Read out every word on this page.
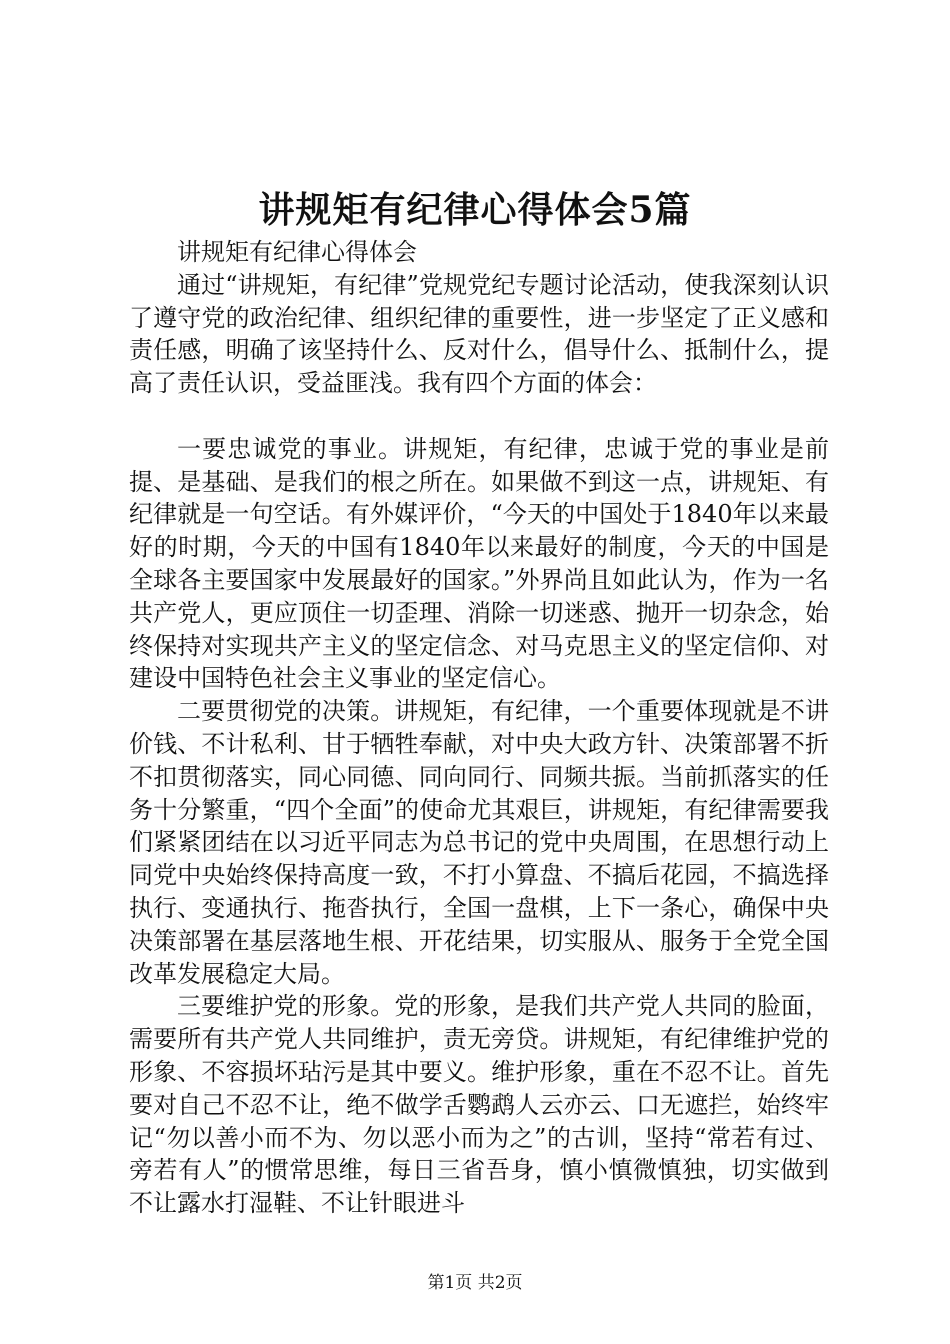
讲规矩有纪律心得体会5篇

讲规矩有纪律心得体会

通过“讲规矩，有纪律”党规党纪专题讨论活动，使我深刻认识了遵守党的政治纪律、组织纪律的重要性，进一步坚定了正义感和责任感，明确了该坚持什么、反对什么，倡导什么、抵制什么，提高了责任认识，受益匪浅。我有四个方面的体会：

一要忠诚党的事业。讲规矩，有纪律，忠诚于党的事业是前提、是基础、是我们的根之所在。如果做不到这一点，讲规矩、有纪律就是一句空话。有外媒评价，“今天的中国处于1840年以来最好的时期，今天的中国有1840年以来最好的制度，今天的中国是全球各主要国家中发展最好的国家。”外界尚且如此认为，作为一名共产党人，更应顶住一切歪理、消除一切迷惑、抛开一切杂念，始终保持对实现共产主义的坚定信念、对马克思主义的坚定信仰、对建设中国特色社会主义事业的坚定信心。

二要贯彻党的决策。讲规矩，有纪律，一个重要体现就是不讲价钱、不计私利、甘于牺牲奉献，对中央大政方针、决策部署不折不扣贯彻落实，同心同德、同向同行、同频共振。当前抓落实的任务十分繁重，“四个全面”的使命尤其艰巨，讲规矩，有纪律需要我们紧紧团结在以习近平同志为总书记的党中央周围，在思想行动上同党中央始终保持高度一致，不打小算盘、不搞后花园，不搞选择执行、变通执行、拖沓执行，全国一盘棋，上下一条心，确保中央决策部署在基层落地生根、开花结果，切实服从、服务于全党全国改革发展稳定大局。

三要维护党的形象。党的形象，是我们共产党人共同的脸面，需要所有共产党人共同维护，责无旁贷。讲规矩，有纪律维护党的形象、不容损坏玷污是其中要义。维护形象，重在不忍不让。首先要对自己不忍不让，绝不做学舌鹦鹉人云亦云、口无遮拦，始终牢记“勿以善小而不为、勿以恶小而为之”的古训，坚持“常若有过、旁若有人”的惯常思维，每日三省吾身，慎小慎微慎独，切实做到不让露水打湿鞋、不让针眼进斗

第1页 共2页
